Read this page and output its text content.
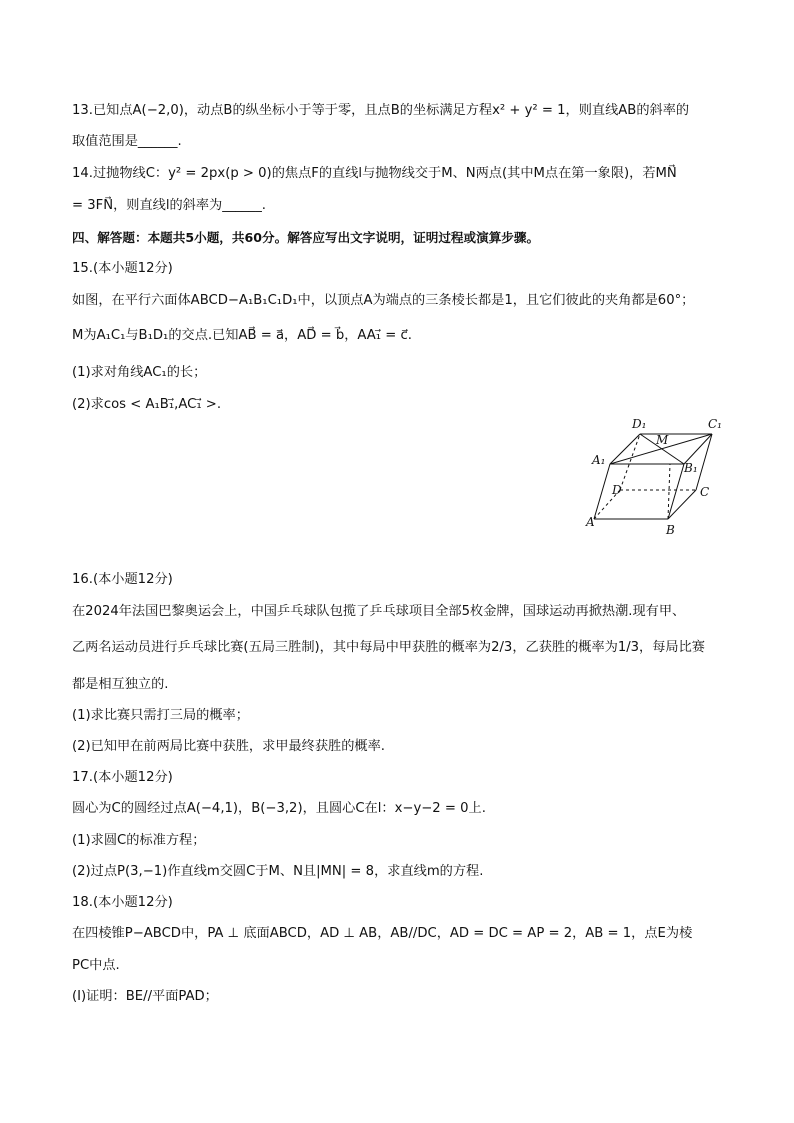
13.已知点A(−2,0)，动点B的纵坐标小于等于零，且点B的坐标满足方程x² + y² = 1，则直线AB的斜率的
取值范围是______.
14.过抛物线C：y² = 2px(p > 0)的焦点F的直线l与抛物线交于M、N两点(其中M点在第一象限)，若MN⃗
= 3FN⃗，则直线l的斜率为______.
四、解答题：本题共5小题，共60分。解答应写出文字说明，证明过程或演算步骤。
15.(本小题12分)
如图，在平行六面体ABCD−A₁B₁C₁D₁中，以顶点A为端点的三条棱长都是1，且它们彼此的夹角都是60°；
M为A₁C₁与B₁D₁的交点.已知AB⃗ = a⃗，AD⃗ = b⃗，AA₁⃗ = c⃗.
(1)求对角线AC₁的长；
(2)求cos < A₁B₁⃗,AC₁⃗ >.
16.(本小题12分)
在2024年法国巴黎奥运会上，中国乒乓球队包揽了乒乓球项目全部5枚金牌，国球运动再掀热潮.现有甲、
乙两名运动员进行乒乓球比赛(五局三胜制)，其中每局中甲获胜的概率为2/3，乙获胜的概率为1/3，每局比赛
都是相互独立的.
(1)求比赛只需打三局的概率；
(2)已知甲在前两局比赛中获胜，求甲最终获胜的概率.
17.(本小题12分)
圆心为C的圆经过点A(−4,1)，B(−3,2)，且圆心C在l：x−y−2 = 0上.
(1)求圆C的标准方程；
(2)过点P(3,−1)作直线m交圆C于M、N且|MN| = 8，求直线m的方程.
18.(本小题12分)
在四棱锥P−ABCD中，PA ⊥ 底面ABCD，AD ⊥ AB，AB//DC，AD = DC = AP = 2，AB = 1，点E为棱
PC中点.
(Ⅰ)证明：BE//平面PAD；
A
B
C
D
A₁
B₁
C₁
D₁
M
